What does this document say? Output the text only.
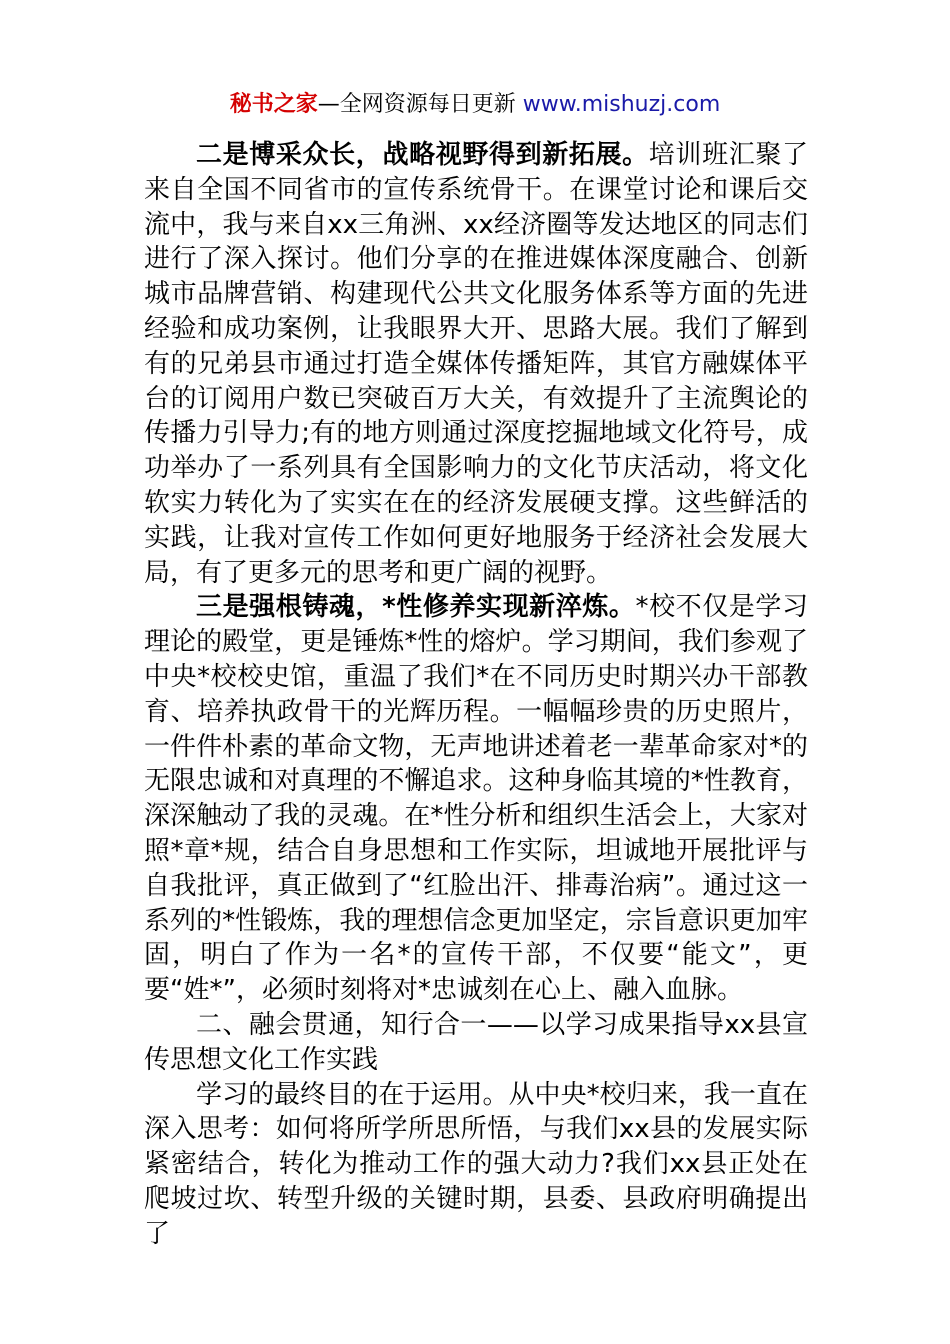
秘书之家—全网资源每日更新 www.mishuzj.com

二是博采众长，战略视野得到新拓展。培训班汇聚了来自全国不同省市的宣传系统骨干。在课堂讨论和课后交流中，我与来自xx三角洲、xx经济圈等发达地区的同志们进行了深入探讨。他们分享的在推进媒体深度融合、创新城市品牌营销、构建现代公共文化服务体系等方面的先进经验和成功案例，让我眼界大开、思路大展。我们了解到有的兄弟县市通过打造全媒体传播矩阵，其官方融媒体平台的订阅用户数已突破百万大关，有效提升了主流舆论的传播力引导力;有的地方则通过深度挖掘地域文化符号，成功举办了一系列具有全国影响力的文化节庆活动，将文化软实力转化为了实实在在的经济发展硬支撑。这些鲜活的实践，让我对宣传工作如何更好地服务于经济社会发展大局，有了更多元的思考和更广阔的视野。

三是强根铸魂，*性修养实现新淬炼。*校不仅是学习理论的殿堂，更是锤炼*性的熔炉。学习期间，我们参观了中央*校校史馆，重温了我们*在不同历史时期兴办干部教育、培养执政骨干的光辉历程。一幅幅珍贵的历史照片，一件件朴素的革命文物，无声地讲述着老一辈革命家对*的无限忠诚和对真理的不懈追求。这种身临其境的*性教育，深深触动了我的灵魂。在*性分析和组织生活会上，大家对照*章*规，结合自身思想和工作实际，坦诚地开展批评与自我批评，真正做到了“红脸出汗、排毒治病”。通过这一系列的*性锻炼，我的理想信念更加坚定，宗旨意识更加牢固，明白了作为一名*的宣传干部，不仅要“能文”，更要“姓*”，必须时刻将对*忠诚刻在心上、融入血脉。

二、融会贯通，知行合一——以学习成果指导xx县宣传思想文化工作实践

学习的最终目的在于运用。从中央*校归来，我一直在深入思考：如何将所学所思所悟，与我们xx县的发展实际紧密结合，转化为推动工作的强大动力?我们xx县正处在爬坡过坎、转型升级的关键时期，县委、县政府明确提出了
